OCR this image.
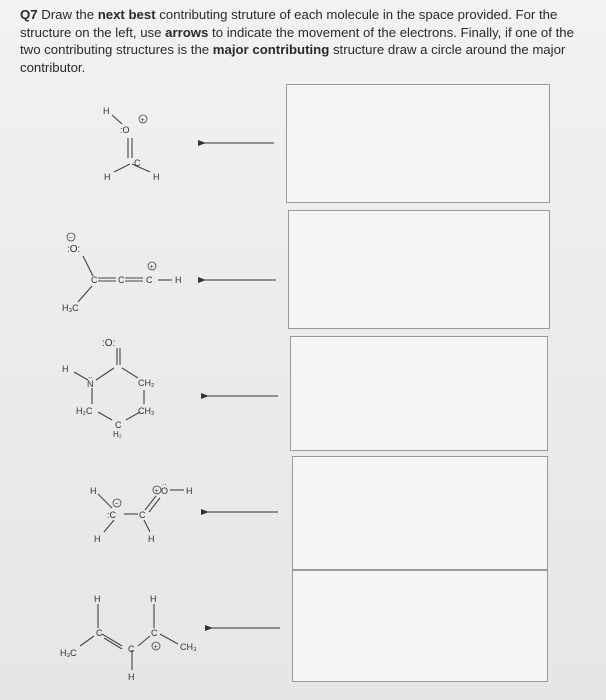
Q7 Draw the next best contributing struture of each molecule in the space provided. For the structure on the left, use arrows to indicate the movement of the electrons. Finally, if one of the two contributing structures is the major contributing structure draw a circle around the major contributor.
H
:O
+
C
H	H
−
:O:
C C C
+
H
H₃C
:O:
H
N
..
CH₂
H₂C	CH₂
C
H₂
H
−
:C	C
+ O
..
H
H	H
H	H
C	C
+
H₃C	C	CH₃
H
